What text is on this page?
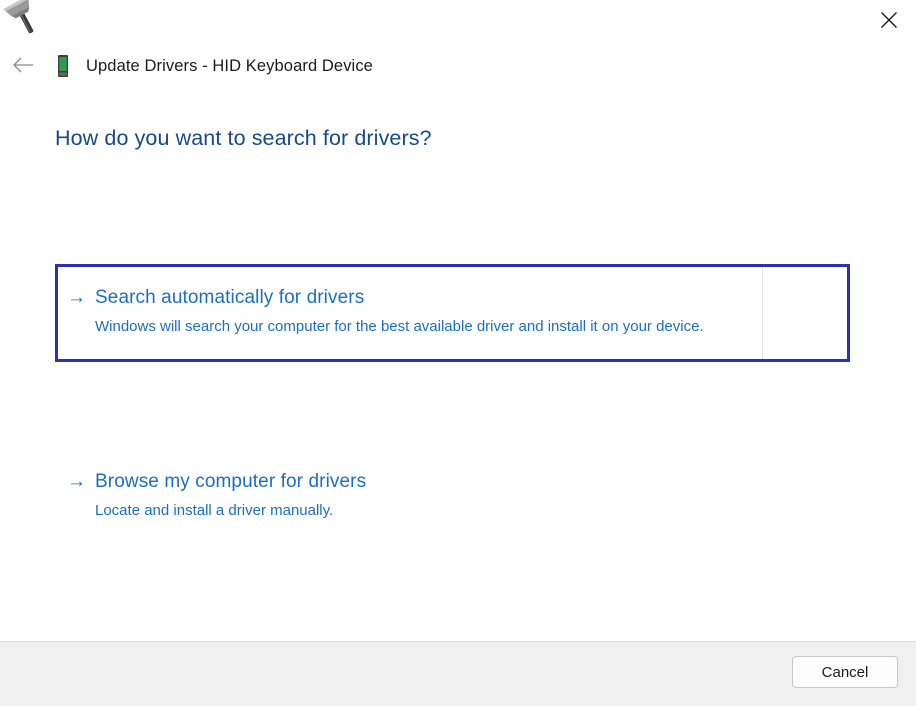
Update Drivers - HID Keyboard Device
How do you want to search for drivers?
→ Search automatically for drivers

Windows will search your computer for the best available driver and install it on your device.

→ Browse my computer for drivers

Locate and install a driver manually.

Cancel
